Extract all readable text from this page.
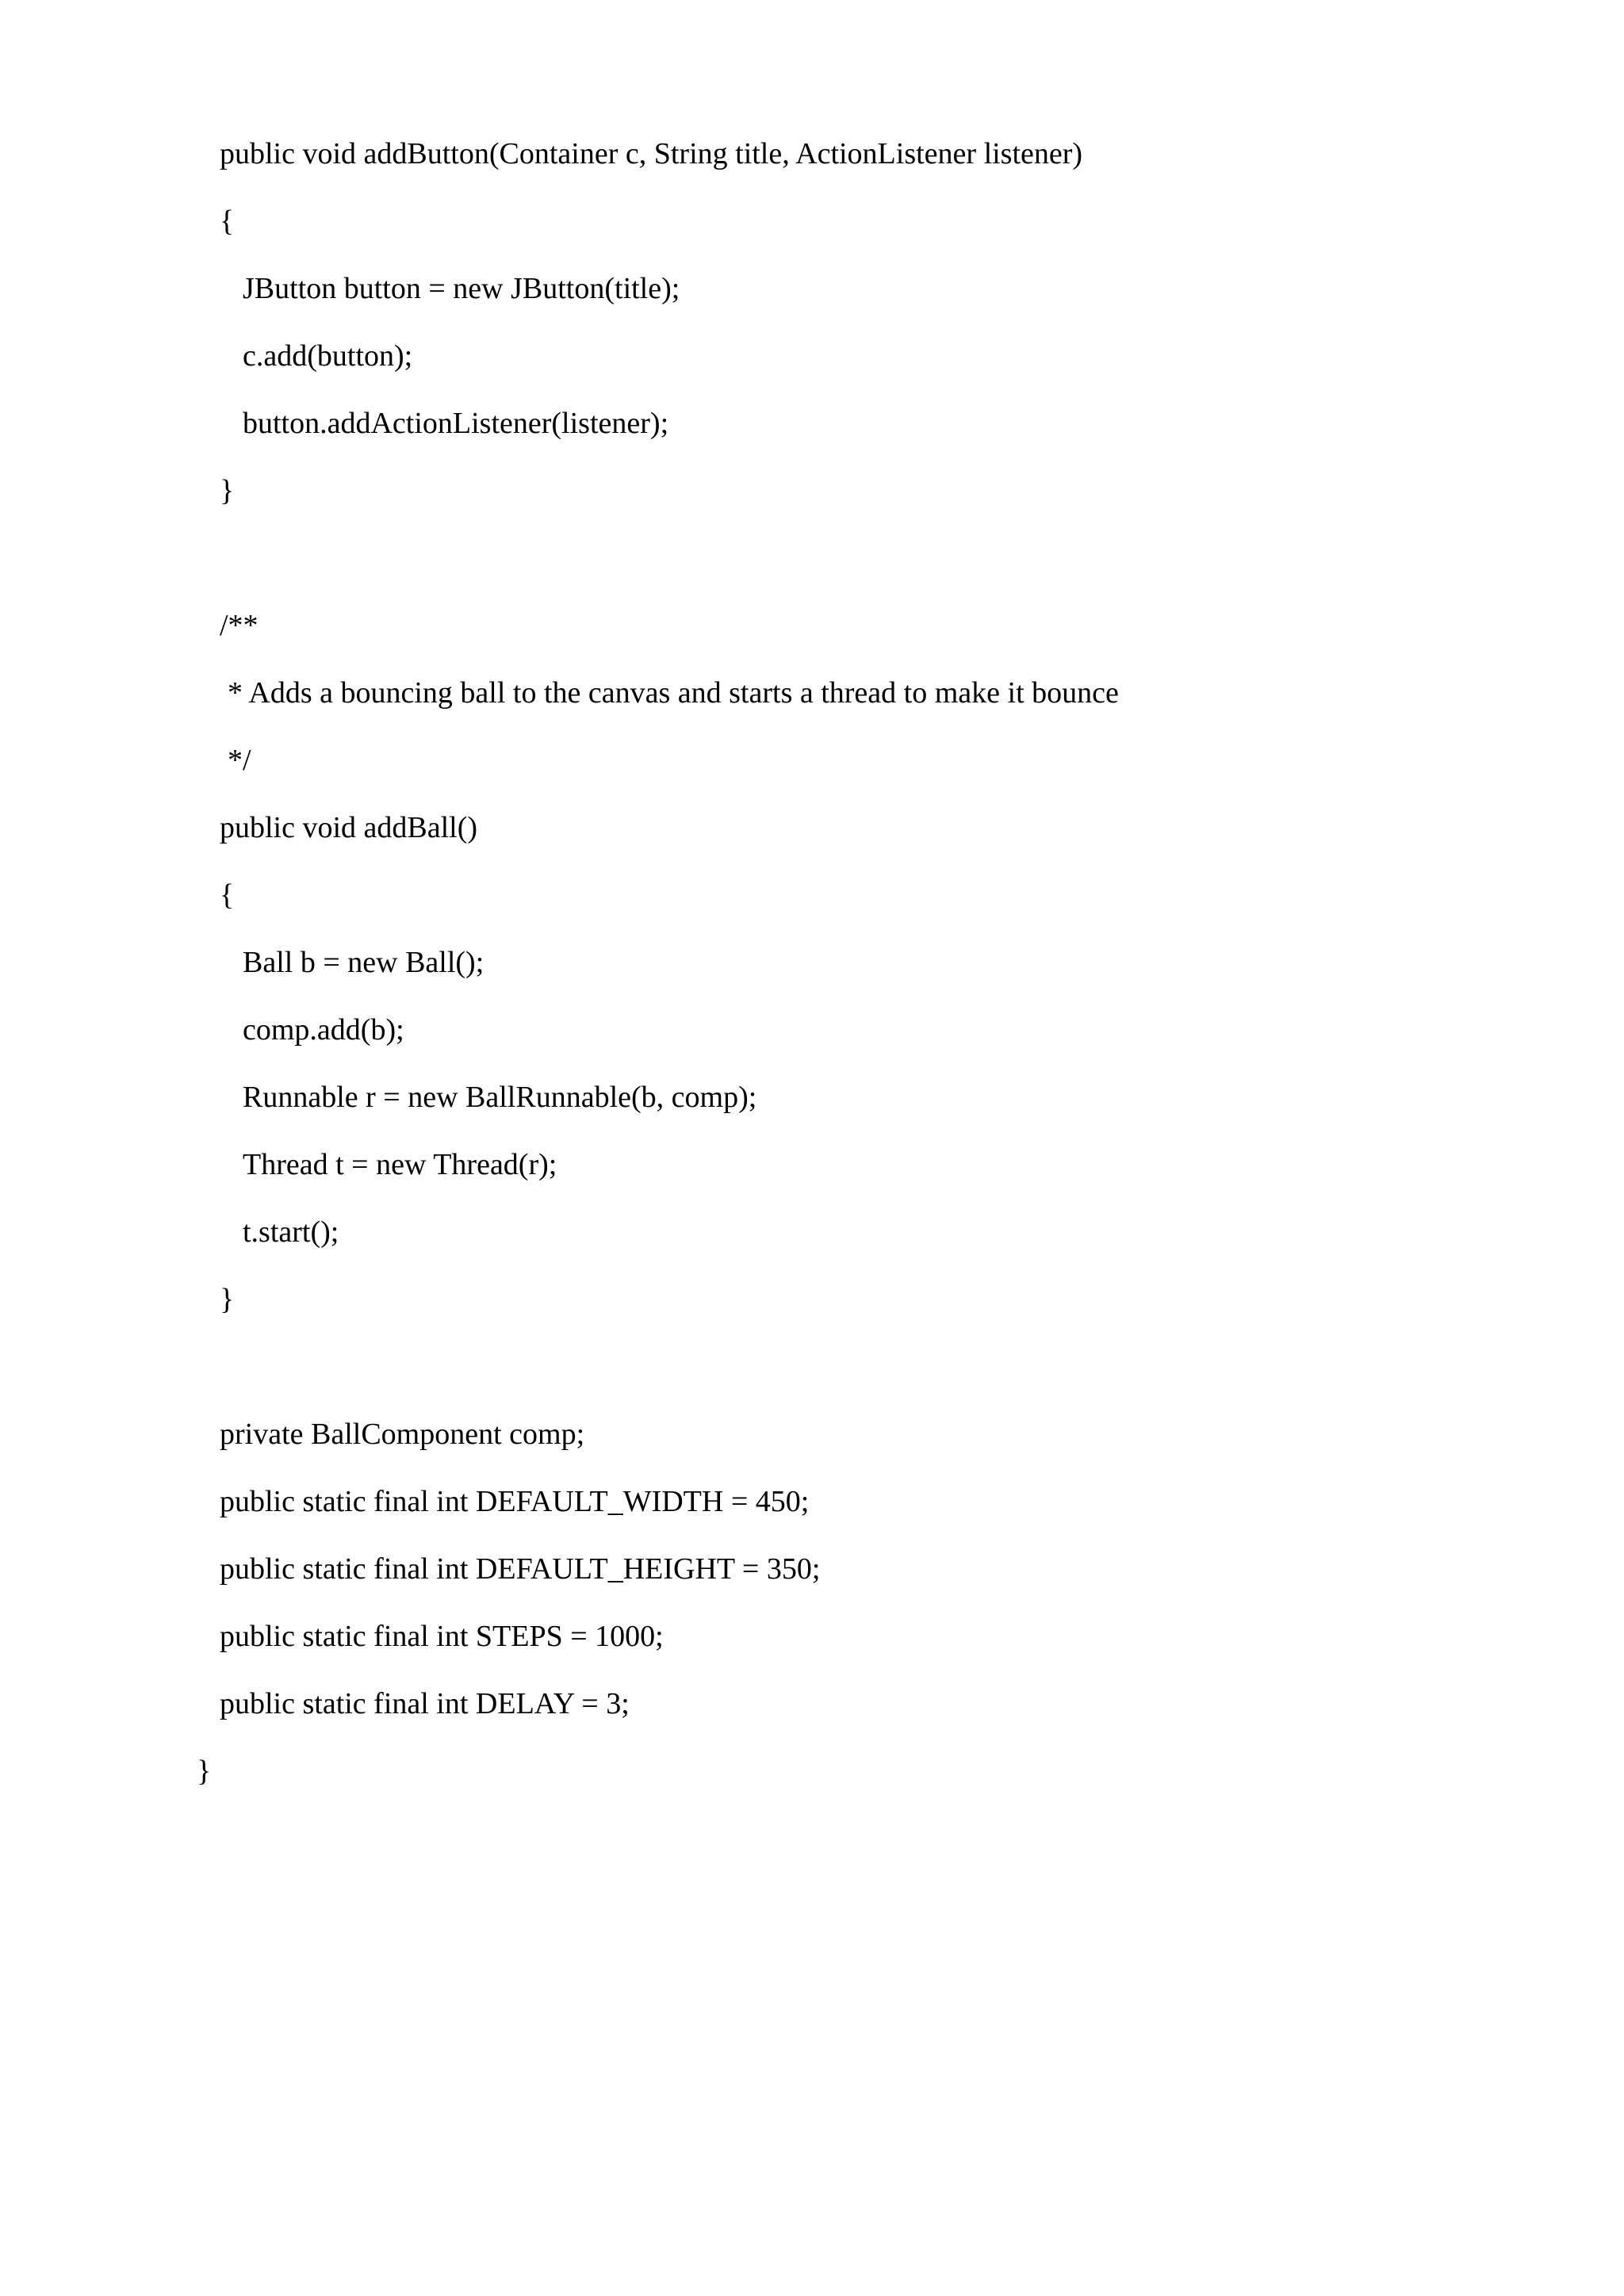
public void addButton(Container c, String title, ActionListener listener)
{
JButton button = new JButton(title);
c.add(button);
button.addActionListener(listener);
}
/**
* Adds a bouncing ball to the canvas and starts a thread to make it bounce
*/
public void addBall()
{
Ball b = new Ball();
comp.add(b);
Runnable r = new BallRunnable(b, comp);
Thread t = new Thread(r);
t.start();
}
private BallComponent comp;
public static final int DEFAULT_WIDTH = 450;
public static final int DEFAULT_HEIGHT = 350;
public static final int STEPS = 1000;
public static final int DELAY = 3;
}
